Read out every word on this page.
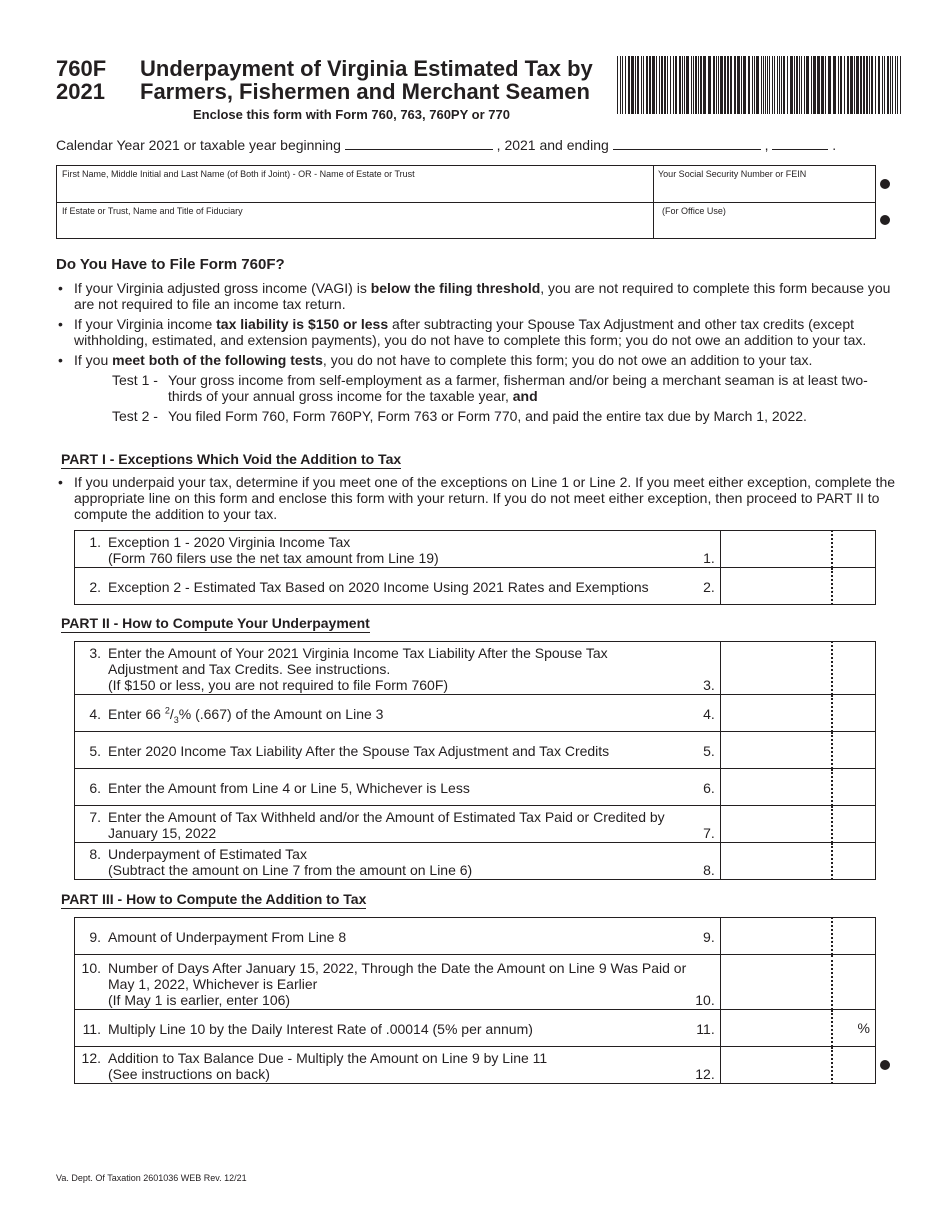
760F
2021
Underpayment of Virginia Estimated Tax by
Farmers, Fishermen and Merchant Seamen
Enclose this form with Form 760, 763, 760PY or 770
Calendar Year 2021 or taxable year beginning	, 2021 and ending	,	.
First Name, Middle Initial and Last Name (of Both if Joint) - OR - Name of Estate or Trust	Your Social Security Number or FEIN
If Estate or Trust, Name and Title of Fiduciary	(For Office Use)
Do You Have to File Form 760F?
• If your Virginia adjusted gross income (VAGI) is below the filing threshold, you are not required to complete this form because you are not required to file an income tax return.
• If your Virginia income tax liability is $150 or less after subtracting your Spouse Tax Adjustment and other tax credits (except withholding, estimated, and extension payments), you do not have to complete this form; you do not owe an addition to your tax.
• If you meet both of the following tests, you do not have to complete this form; you do not owe an addition to your tax.
Test 1 - Your gross income from self-employment as a farmer, fisherman and/or being a merchant seaman is at least two-thirds of your annual gross income for the taxable year, and
Test 2 - You filed Form 760, Form 760PY, Form 763 or Form 770, and paid the entire tax due by March 1, 2022.
PART I - Exceptions Which Void the Addition to Tax
• If you underpaid your tax, determine if you meet one of the exceptions on Line 1 or Line 2. If you meet either exception, complete the appropriate line on this form and enclose this form with your return. If you do not meet either exception, then proceed to PART II to compute the addition to your tax.
1. Exception 1 - 2020 Virginia Income Tax
(Form 760 filers use the net tax amount from Line 19) 1.		

2. Exception 2 - Estimated Tax Based on 2020 Income Using 2021 Rates and Exemptions 2.		

PART II - How to Compute Your Underpayment
3. Enter the Amount of Your 2021 Virginia Income Tax Liability After the Spouse Tax
Adjustment and Tax Credits. See instructions.
(If $150 or less, you are not required to file Form 760F) 3.		

4. Enter 66 $^2/_3\%$ (.667) of the Amount on Line 3 4.		

5. Enter 2020 Income Tax Liability After the Spouse Tax Adjustment and Tax Credits 5.		

6. Enter the Amount from Line 4 or Line 5, Whichever is Less 6.		

7. Enter the Amount of Tax Withheld and/or the Amount of Estimated Tax Paid or Credited by
January 15, 2022 7.		

8. Underpayment of Estimated Tax
(Subtract the amount on Line 7 from the amount on Line 6) 8.		

PART III - How to Compute the Addition to Tax
9. Amount of Underpayment From Line 8 9.		

10. Number of Days After January 15, 2022, Through the Date the Amount on Line 9 Was Paid or
May 1, 2022, Whichever is Earlier
(If May 1 is earlier, enter 106) 10.		

11. Multiply Line 10 by the Daily Interest Rate of .00014 (5% per annum) 11.		%

12. Addition to Tax Balance Due - Multiply the Amount on Line 9 by Line 11
(See instructions on back) 12.		

Va. Dept. Of Taxation 2601036 WEB Rev. 12/21
